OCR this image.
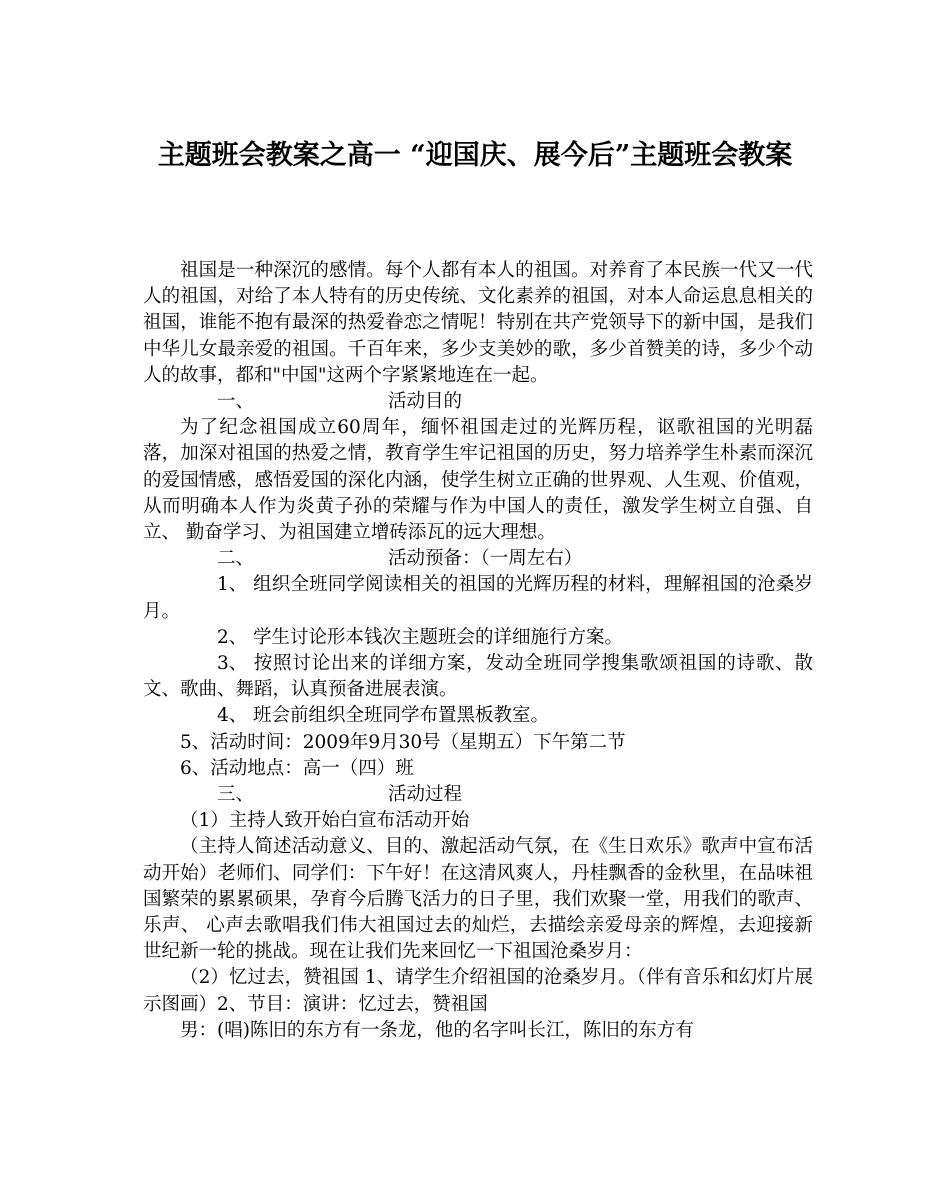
主题班会教案之高一 “迎国庆、展今后”主题班会教案

祖国是一种深沉的感情。每个人都有本人的祖国。对养育了本民族一代又一代人的祖国，对给了本人特有的历史传统、文化素养的祖国，对本人命运息息相关的祖国，谁能不抱有最深的热爱眷恋之情呢！特别在共产党领导下的新中国，是我们中华儿女最亲爱的祖国。千百年来，多少支美妙的歌，多少首赞美的诗，多少个动人的故事，都和"中国"这两个字紧紧地连在一起。

一、	活动目的

为了纪念祖国成立60周年，缅怀祖国走过的光辉历程，讴歌祖国的光明磊落，加深对祖国的热爱之情，教育学生牢记祖国的历史，努力培养学生朴素而深沉的爱国情感，感悟爱国的深化内涵，使学生树立正确的世界观、人生观、价值观，从而明确本人作为炎黄子孙的荣耀与作为中国人的责任，激发学生树立自强、自立、 勤奋学习、为祖国建立增砖添瓦的远大理想。

二、	活动预备：（一周左右）

1、 组织全班同学阅读相关的祖国的光辉历程的材料，理解祖国的沧桑岁月。

2、 学生讨论形本钱次主题班会的详细施行方案。

3、 按照讨论出来的详细方案，发动全班同学搜集歌颂祖国的诗歌、散文、歌曲、舞蹈，认真预备进展表演。

4、 班会前组织全班同学布置黑板教室。

5、活动时间：2009年9月30号（星期五）下午第二节

6、活动地点：高一（四）班

三、	活动过程

（1）主持人致开始白宣布活动开始

（主持人简述活动意义、目的、激起活动气氛，在《生日欢乐》歌声中宣布活动开始）老师们、同学们：下午好！在这清风爽人，丹桂飘香的金秋里，在品味祖国繁荣的累累硕果，孕育今后腾飞活力的日子里，我们欢聚一堂，用我们的歌声、乐声、 心声去歌唱我们伟大祖国过去的灿烂，去描绘亲爱母亲的辉煌，去迎接新世纪新一轮的挑战。现在让我们先来回忆一下祖国沧桑岁月：

（2）忆过去，赞祖国 1、请学生介绍祖国的沧桑岁月。（伴有音乐和幻灯片展示图画）2、节目：演讲：忆过去，赞祖国

男：(唱)陈旧的东方有一条龙，他的名字叫长江，陈旧的东方有
